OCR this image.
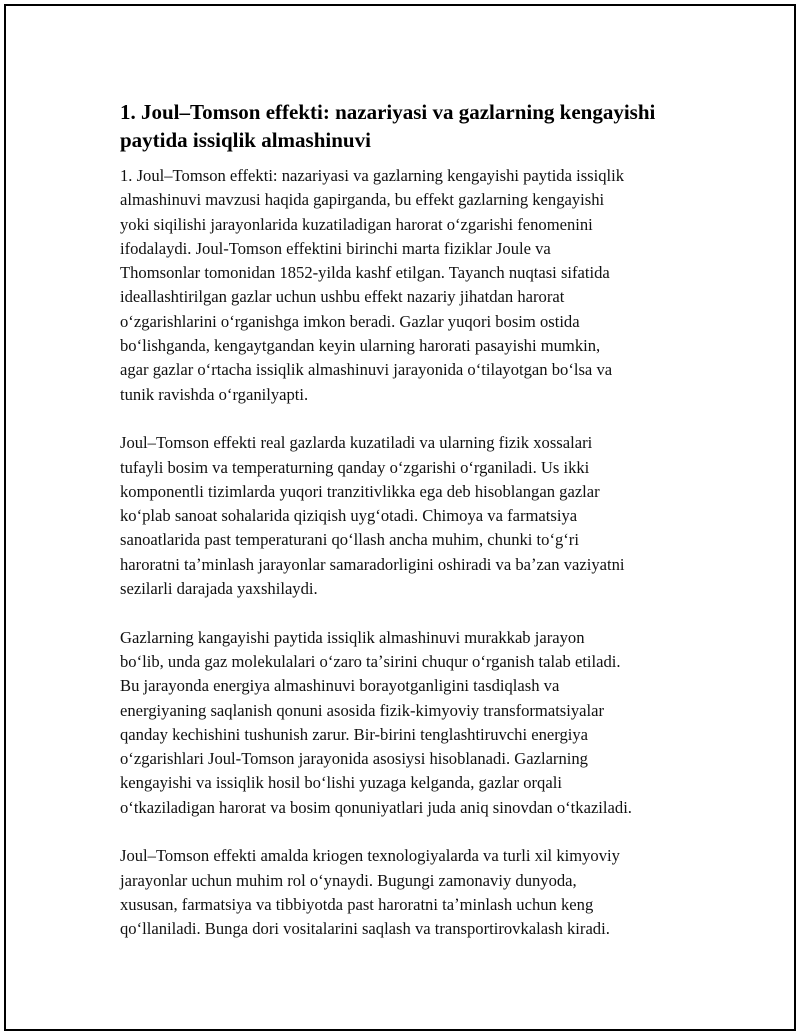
1. Joul–Tomson effekti: nazariyasi va gazlarning kengayishi
paytida issiqlik almashinuvi

1. Joul–Tomson effekti: nazariyasi va gazlarning kengayishi paytida issiqlik
almashinuvi mavzusi haqida gapirganda, bu effekt gazlarning kengayishi
yoki siqilishi jarayonlarida kuzatiladigan harorat oʻzgarishi fenomenini
ifodalaydi. Joul-Tomson effektini birinchi marta fiziklar Joule va
Thomsonlar tomonidan 1852-yilda kashf etilgan. Tayanch nuqtasi sifatida
ideallashtirilgan gazlar uchun ushbu effekt nazariy jihatdan harorat
oʻzgarishlarini oʻrganishga imkon beradi. Gazlar yuqori bosim ostida
boʻlishganda, kengaytgandan keyin ularning harorati pasayishi mumkin,
agar gazlar oʻrtacha issiqlik almashinuvi jarayonida oʻtilayotgan boʻlsa va
tunik ravishda oʻrganilyapti.

Joul–Tomson effekti real gazlarda kuzatiladi va ularning fizik xossalari
tufayli bosim va temperaturning qanday oʻzgarishi oʻrganiladi. Us ikki
komponentli tizimlarda yuqori tranzitivlikka ega deb hisoblangan gazlar
koʻplab sanoat sohalarida qiziqish uygʻotadi. Chimoya va farmatsiya
sanoatlarida past temperaturani qoʻllash ancha muhim, chunki toʻgʻri
haroratni taʼminlash jarayonlar samaradorligini oshiradi va baʼzan vaziyatni
sezilarli darajada yaxshilaydi.

Gazlarning kangayishi paytida issiqlik almashinuvi murakkab jarayon
boʻlib, unda gaz molekulalari oʻzaro taʼsirini chuqur oʻrganish talab etiladi.
Bu jarayonda energiya almashinuvi borayotganligini tasdiqlash va
energiyaning saqlanish qonuni asosida fizik-kimyoviy transformatsiyalar
qanday kechishini tushunish zarur. Bir-birini tenglashtiruvchi energiya
oʻzgarishlari Joul-Tomson jarayonida asosiysi hisoblanadi. Gazlarning
kengayishi va issiqlik hosil boʻlishi yuzaga kelganda, gazlar orqali
oʻtkaziladigan harorat va bosim qonuniyatlari juda aniq sinovdan oʻtkaziladi.

Joul–Tomson effekti amalda kriogen texnologiyalarda va turli xil kimyoviy
jarayonlar uchun muhim rol oʻynaydi. Bugungi zamonaviy dunyoda,
xususan, farmatsiya va tibbiyotda past haroratni taʼminlash uchun keng
qoʻllaniladi. Bunga dori vositalarini saqlash va transportirovkalash kiradi.
